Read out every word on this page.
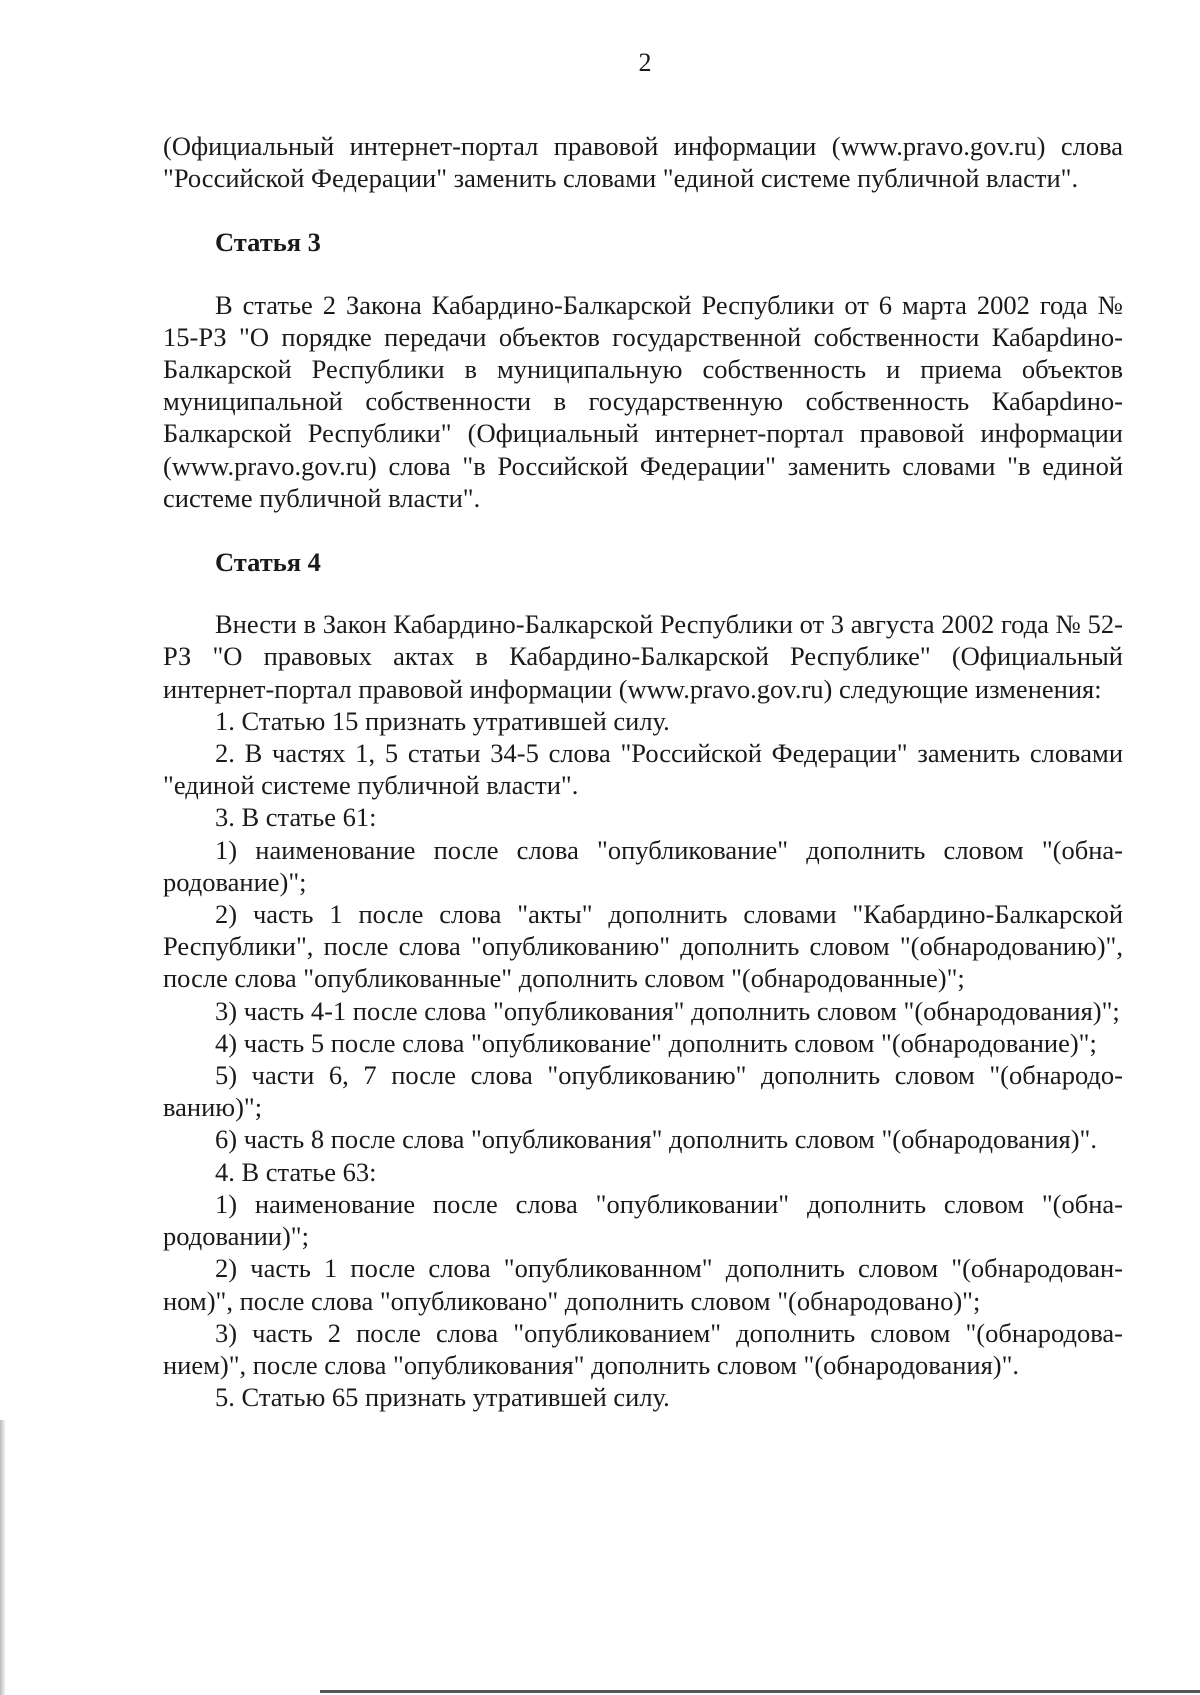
2

(Официальный интернет-портал правовой информации (www.pravo.gov.ru) слова "Российской Федерации" заменить словами "единой системе публичной власти".

Статья 3

В статье 2 Закона Кабардино-Балкарской Республики от 6 марта 2002 года № 15-РЗ "О порядке передачи объектов государственной собственности Кабарdино-Балкарской Республики в муниципальную собственность и приема объектов муниципальной собственности в государственную собственность Кабарdино-Балкарской Республики" (Официальный интернет-портал правовой информации (www.pravo.gov.ru) слова "в Российской Федерации" заменить словами "в единой системе публичной власти".

Статья 4

Внести в Закон Кабардино-Балкарской Республики от 3 августа 2002 года № 52-РЗ "О правовых актах в Кабардино-Балкарской Республике" (Официальный интернет-портал правовой информации (www.pravo.gov.ru) следующие изменения:

1. Статью 15 признать утратившей силу.

2. В частях 1, 5 статьи 34-5 слова "Российской Федерации" заменить словами "единой системе публичной власти".

3. В статье 61:

1) наименование после слова "опубликование" дополнить словом "(обнародование)";

2) часть 1 после слова "акты" дополнить словами "Кабардино-Балкарской Республики", после слова "опубликованию" дополнить словом "(обнародованию)", после слова "опубликованные" дополнить словом "(обнародованные)";

3) часть 4-1 после слова "опубликования" дополнить словом "(обнародования)";

4) часть 5 после слова "опубликование" дополнить словом "(обнародование)";

5) части 6, 7 после слова "опубликованию" дополнить словом "(обнародованию)";

6) часть 8 после слова "опубликования" дополнить словом "(обнародования)".

4. В статье 63:

1) наименование после слова "опубликовании" дополнить словом "(обнародовании)";

2) часть 1 после слова "опубликованном" дополнить словом "(обнародованном)", после слова "опубликовано" дополнить словом "(обнародовано)";

3) часть 2 после слова "опубликованием" дополнить словом "(обнародованием)", после слова "опубликования" дополнить словом "(обнародования)".

5. Статью 65 признать утратившей силу.
